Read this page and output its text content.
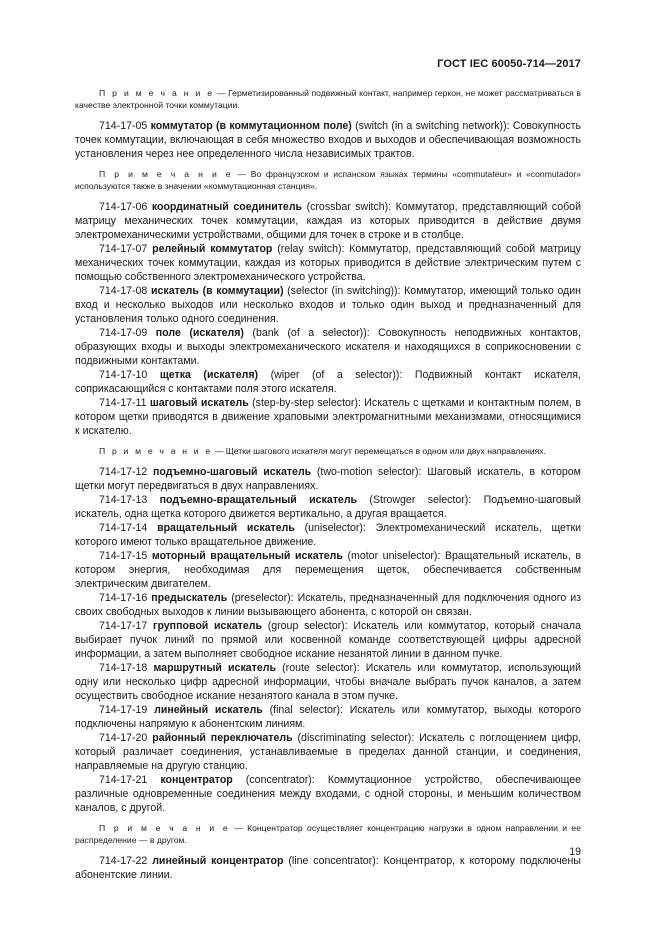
ГОСТ IEC 60050-714—2017

П р и м е ч а н и е — Герметизированный подвижный контакт, например геркон, не может рассматриваться в качестве электронной точки коммутации.

714-17-05 коммутатор (в коммутационном поле) (switch (in a switching network)): Совокупность точек коммутации, включающая в себя множество входов и выходов и обеспечивающая возможность установления через нее определенного числа независимых трактов.

П р и м е ч а н и е — Во французском и испанском языках термины «commutateur» и «conmutador» используются также в значении «коммутационная станция».

714-17-06 координатный соединитель (crossbar switch): Коммутатор, представляющий собой матрицу механических точек коммутации, каждая из которых приводится в действие двумя электромеханическими устройствами, общими для точек в строке и в столбце.

714-17-07 релейный коммутатор (relay switch): Коммутатор, представляющий собой матрицу механических точек коммутации, каждая из которых приводится в действие электрическим путем с помощью собственного электромеханического устройства.

714-17-08 искатель (в коммутации) (selector (in switching)): Коммутатор, имеющий только один вход и несколько выходов или несколько входов и только один выход и предназначенный для установления только одного соединения.

714-17-09 поле (искателя) (bank (of a selector)): Совокупность неподвижных контактов, образующих входы и выходы электромеханического искателя и находящихся в соприкосновении с подвижными контактами.

714-17-10 щетка (искателя) (wiper (of a selector)): Подвижный контакт искателя, соприкасающийся с контактами поля этого искателя.

714-17-11 шаговый искатель (step-by-step selector): Искатель с щетками и контактным полем, в котором щетки приводятся в движение храповыми электромагнитными механизмами, относящимися к искателю.

П р и м е ч а н и е — Щетки шагового искателя могут перемещаться в одном или двух направлениях.

714-17-12 подъемно-шаговый искатель (two-motion selector): Шаговый искатель, в котором щетки могут передвигаться в двух направлениях.

714-17-13 подъемно-вращательный искатель (Strowger selector): Подъемно-шаговый искатель, одна щетка которого движется вертикально, а другая вращается.

714-17-14 вращательный искатель (uniselector): Электромеханический искатель, щетки которого имеют только вращательное движение.

714-17-15 моторный вращательный искатель (motor uniselector): Вращательный искатель, в котором энергия, необходимая для перемещения щеток, обеспечивается собственным электрическим двигателем.

714-17-16 предыскатель (preselector): Искатель, предназначенный для подключения одного из своих свободных выходов к линии вызывающего абонента, с которой он связан.

714-17-17 групповой искатель (group selector): Искатель или коммутатор, который сначала выбирает пучок линий по прямой или косвенной команде соответствующей цифры адресной информации, а затем выполняет свободное искание незанятой линии в данном пучке.

714-17-18 маршрутный искатель (route selector): Искатель или коммутатор, использующий одну или несколько цифр адресной информации, чтобы вначале выбрать пучок каналов, а затем осуществить свободное искание незанятого канала в этом пучке.

714-17-19 линейный искатель (final selector): Искатель или коммутатор, выходы которого подключены напрямую к абонентским линиям.

714-17-20 районный переключатель (discriminating selector): Искатель с поглощением цифр, который различает соединения, устанавливаемые в пределах данной станции, и соединения, направляемые на другую станцию.

714-17-21 концентратор (concentrator): Коммутационное устройство, обеспечивающее различные одновременные соединения между входами, с одной стороны, и меньшим количеством каналов, с другой.

П р и м е ч а н и е — Концентратор осуществляет концентрацию нагрузки в одном направлении и ее распределение — в другом.

714-17-22 линейный концентратор (line concentrator): Концентратор, к которому подключены абонентские линии.

19
